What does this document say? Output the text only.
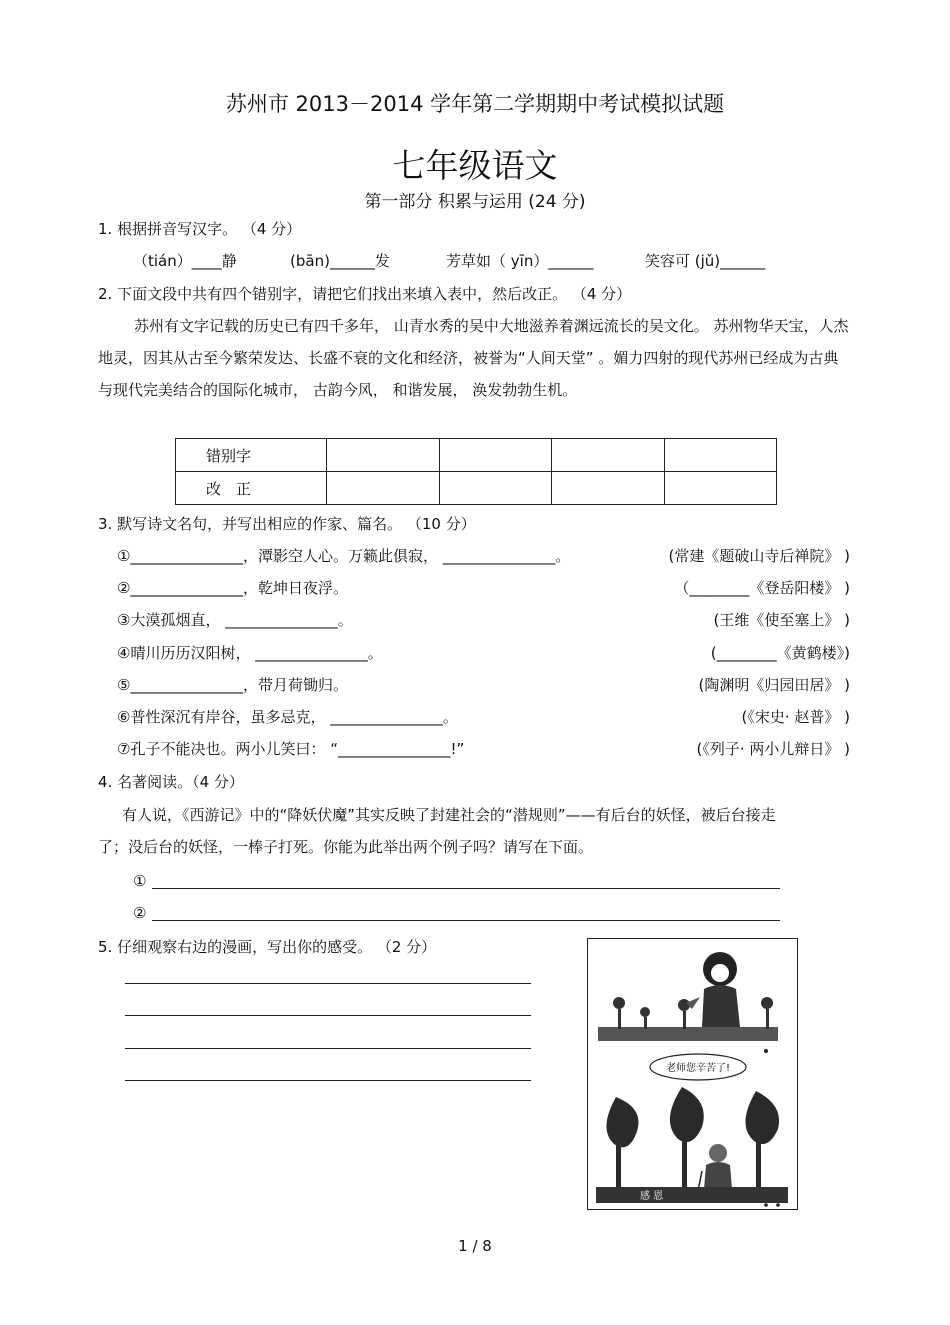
苏州市 2013－2014 学年第二学期期中考试模拟试题
七年级语文
第一部分 积累与运用 (24 分)
1. 根据拼音写汉字。 （4 分）
（tián）____静	(bān)______发	芳草如（ yīn）______	笑容可 (jǔ)______
2. 下面文段中共有四个错别字，请把它们找出来填入表中，然后改正。 （4 分）
苏州有文字记载的历史已有四千多年， 山青水秀的吴中大地滋养着渊远流长的吴文化。 苏州物华天宝，人杰地灵，因其从古至今繁荣发达、长盛不衰的文化和经济，被誉为“人间天堂” 。媚力四射的现代苏州已经成为古典与现代完美结合的国际化城市， 古韵今风， 和谐发展， 涣发勃勃生机。
错别字				
改　正				
3. 默写诗文名句，并写出相应的作家、篇名。 （10 分）
①_______________，潭影空人心。万籁此俱寂， _______________。	(常建《题破山寺后禅院》 )
②_______________，乾坤日夜浮。	（________《登岳阳楼》 )
③大漠孤烟直， _______________。	(王维《使至塞上》 )
④晴川历历汉阳树， _______________。	(________《黄鹤楼》)
⑤_______________，带月荷锄归。	(陶渊明《归园田居》 )
⑥普性深沉有岸谷，虽多忌克， _______________。	(《宋史· 赵普》 )
⑦孔子不能决也。两小儿笑曰： “_______________!”	(《列子· 两小儿辩日》 )
4. 名著阅读。（4 分）
有人说，《西游记》中的“降妖伏魔”其实反映了封建社会的“潜规则”——有后台的妖怪，被后台接走了；没后台的妖怪，一棒子打死。你能为此举出两个例子吗？请写在下面。
①
②
5. 仔细观察右边的漫画，写出你的感受。 （2 分）
老师您辛苦了!
感 恩
1 / 8
